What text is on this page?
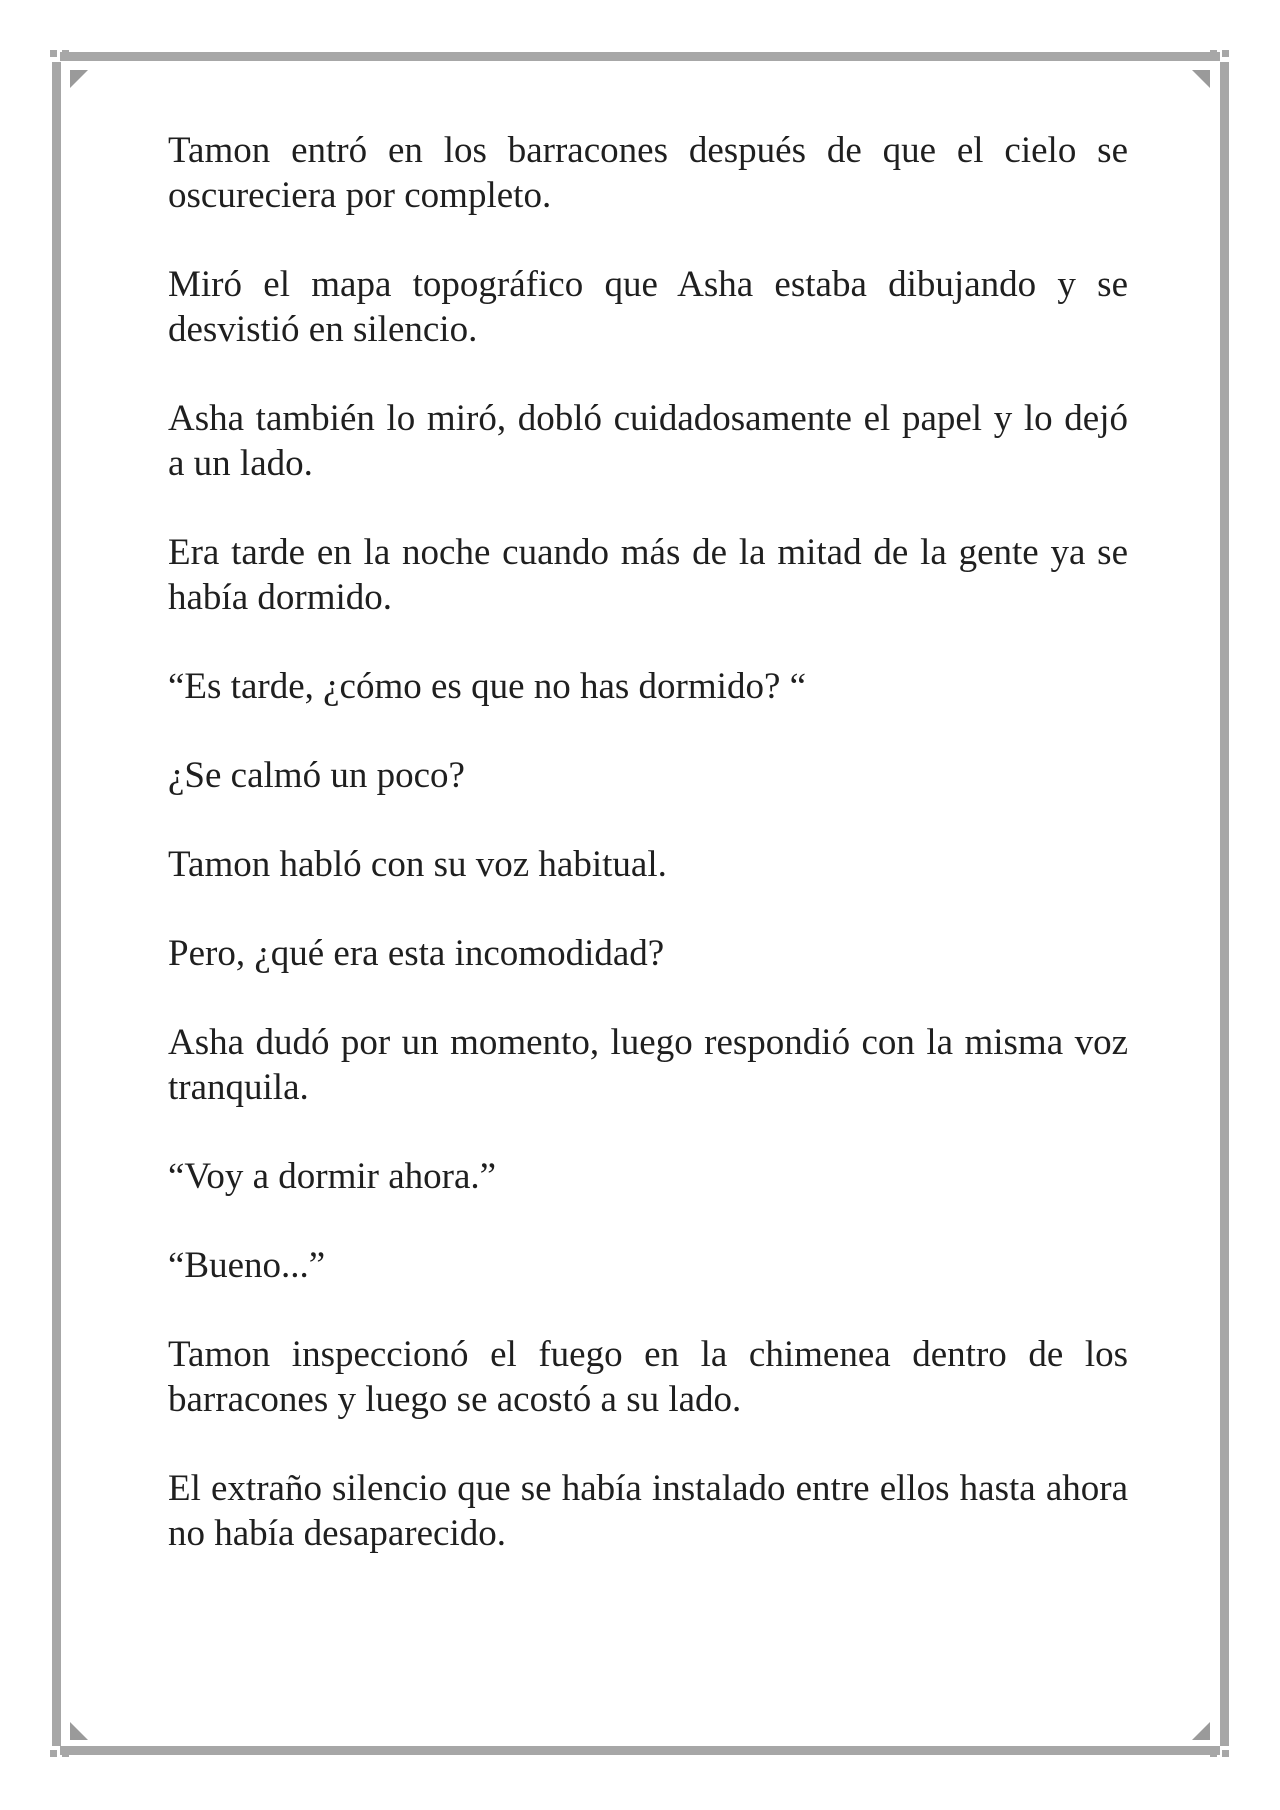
Tamon entró en los barracones después de que el cielo se oscureciera por completo.

Miró el mapa topográfico que Asha estaba dibujando y se desvistió en silencio.

Asha también lo miró, dobló cuidadosamente el papel y lo dejó a un lado.

Era tarde en la noche cuando más de la mitad de la gente ya se había dormido.

“Es tarde, ¿cómo es que no has dormido? “

¿Se calmó un poco?

Tamon habló con su voz habitual.

Pero, ¿qué era esta incomodidad?

Asha dudó por un momento, luego respondió con la misma voz tranquila.

“Voy a dormir ahora.”

“Bueno...”

Tamon inspeccionó el fuego en la chimenea dentro de los barracones y luego se acostó a su lado.

El extraño silencio que se había instalado entre ellos hasta ahora no había desaparecido.
